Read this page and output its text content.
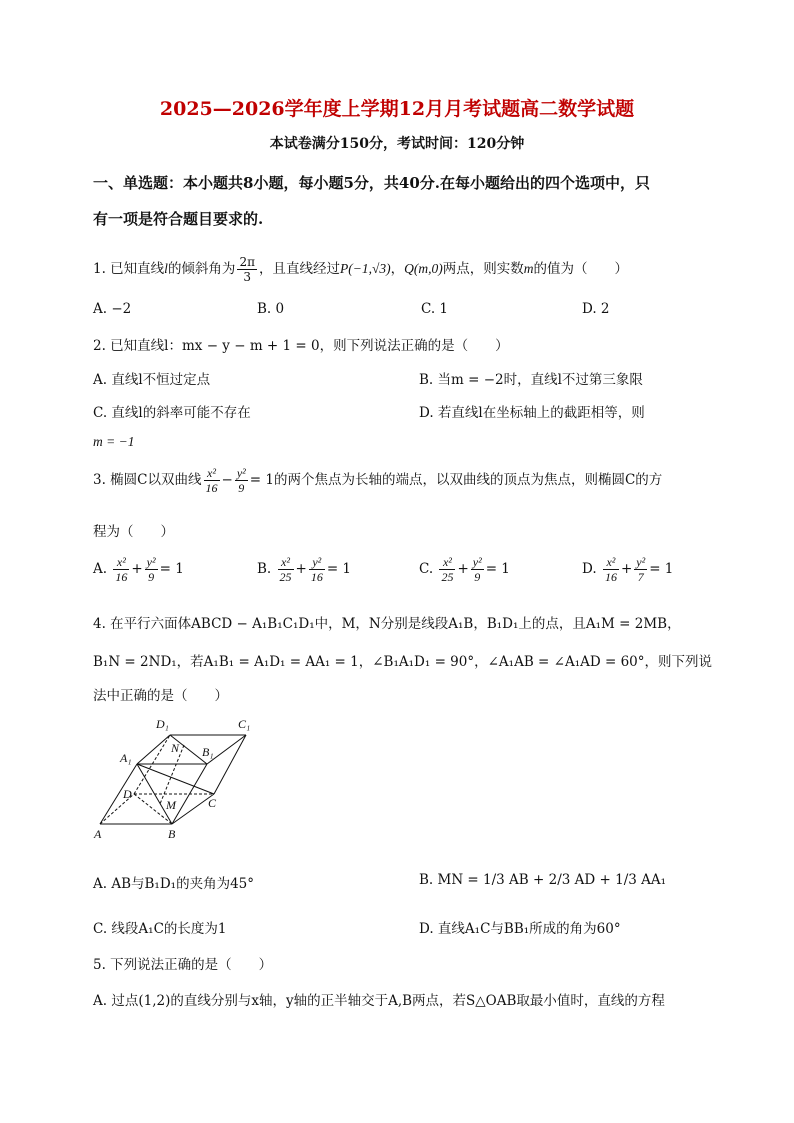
2025—2026学年度上学期12月月考试题高二数学试题
本试卷满分150分，考试时间：120分钟
一、单选题：本小题共8小题，每小题5分，共40分.在每小题给出的四个选项中，只
有一项是符合题目要求的.
1. 已知直线l的倾斜角为 $\frac{2\pi}{3}$ ，且直线经过P(−1,√3)，Q(m,0)两点，则实数m的值为（　　）
A. −2	B. 0	C. 1	D. 2
2. 已知直线l：mx − y − m + 1 = 0，则下列说法正确的是（　　）
A. 直线l不恒过定点	B. 当m = −2时，直线l不过第三象限
C. 直线l的斜率可能不存在	D. 若直线l在坐标轴上的截距相等，则
m = −1
3. 椭圆C以双曲线 $\frac{\text{x²}}{16} - \frac{\text{y²}}{9} = 1$的两个焦点为长轴的端点，以双曲线的顶点为焦点，则椭圆C的方
程为（　　）
A. $\frac{\text{x²}}{16} + \frac{\text{y²}}{9} = 1$	B. $\frac{\text{x²}}{25} + \frac{\text{y²}}{16} = 1$	C. $\frac{\text{x²}}{25} + \frac{\text{y²}}{9} = 1$	D. $\frac{\text{x²}}{16} + \frac{\text{y²}}{7} = 1$
4. 在平行六面体ABCD − A₁B₁C₁D₁中，M，N分别是线段A₁B，B₁D₁上的点，且A₁M = 2MB，
B₁N = 2ND₁，若A₁B₁ = A₁D₁ = AA₁ = 1，∠B₁A₁D₁ = 90°，∠A₁AB = ∠A₁AD = 60°，则下列说
法中正确的是（　　）
D₁	C₁
A₁
N B₁
D
M	C
A	B
A. AB与B₁D₁的夹角为45°	B. MN = 1/3 AB + 2/3 AD + 1/3 AA₁
C. 线段A₁C的长度为1	D. 直线A₁C与BB₁所成的角为60°
5. 下列说法正确的是（　　）
A. 过点(1,2)的直线分别与x轴，y轴的正半轴交于A,B两点，若S△OAB取最小值时，直线的方程
